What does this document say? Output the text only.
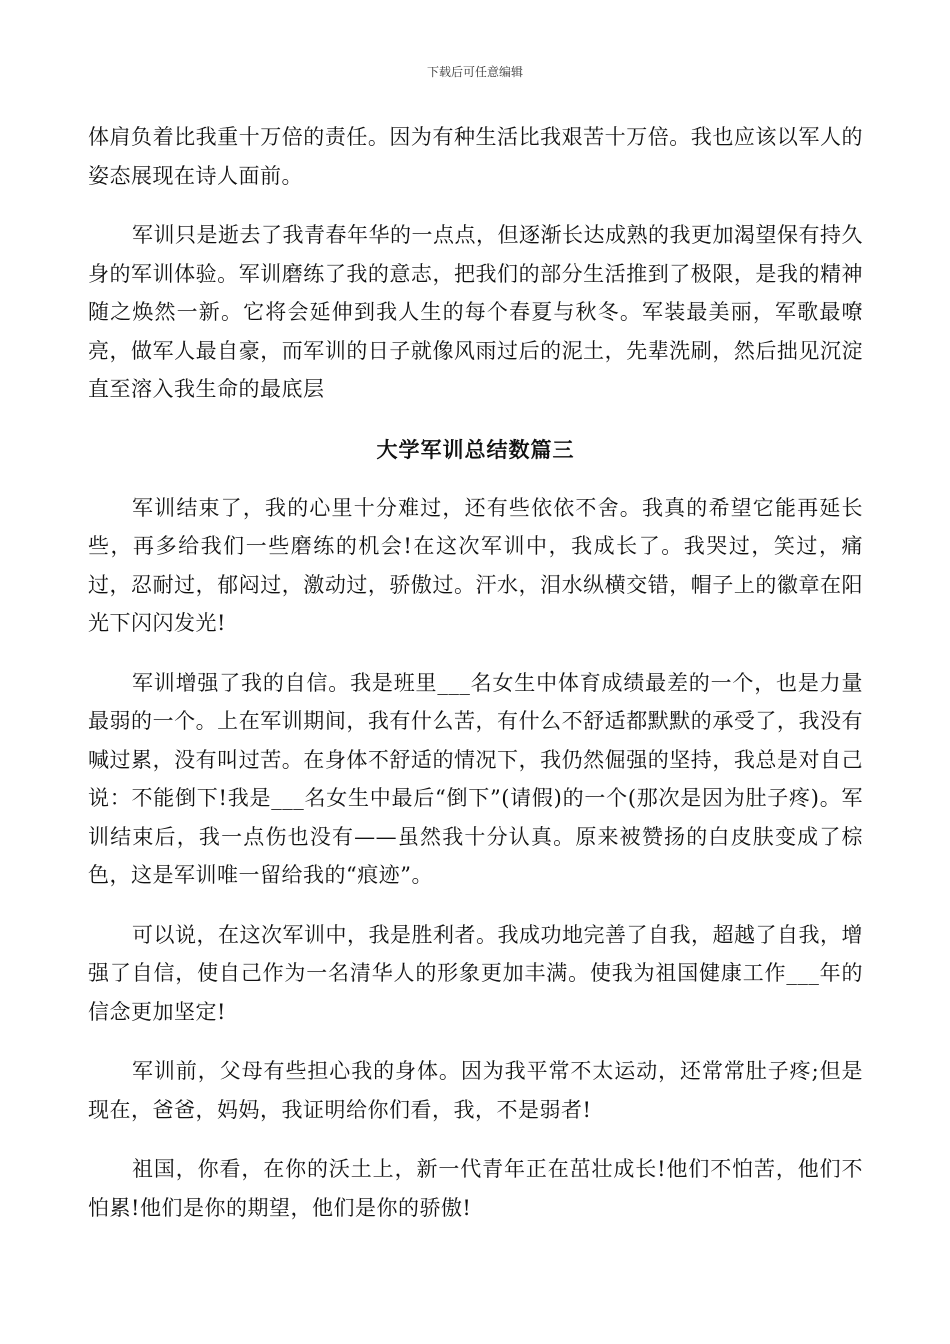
下载后可任意编辑

体肩负着比我重十万倍的责任。因为有种生活比我艰苦十万倍。我也应该以军人的姿态展现在诗人面前。

军训只是逝去了我青春年华的一点点，但逐渐长达成熟的我更加渴望保有持久身的军训体验。军训磨练了我的意志，把我们的部分生活推到了极限，是我的精神随之焕然一新。它将会延伸到我人生的每个春夏与秋冬。军装最美丽，军歌最嘹亮，做军人最自豪，而军训的日子就像风雨过后的泥土，先辈洗刷，然后拙见沉淀直至溶入我生命的最底层

大学军训总结数篇三

军训结束了，我的心里十分难过，还有些依依不舍。我真的希望它能再延长些，再多给我们一些磨练的机会!在这次军训中，我成长了。我哭过，笑过，痛过，忍耐过，郁闷过，激动过，骄傲过。汗水，泪水纵横交错，帽子上的徽章在阳光下闪闪发光!

军训增强了我的自信。我是班里___名女生中体育成绩最差的一个，也是力量最弱的一个。上在军训期间，我有什么苦，有什么不舒适都默默的承受了，我没有喊过累，没有叫过苦。在身体不舒适的情况下，我仍然倔强的坚持，我总是对自己说：不能倒下!我是___名女生中最后“倒下”(请假)的一个(那次是因为肚子疼)。军训结束后，我一点伤也没有——虽然我十分认真。原来被赞扬的白皮肤变成了棕色，这是军训唯一留给我的“痕迹”。

可以说，在这次军训中，我是胜利者。我成功地完善了自我，超越了自我，增强了自信，使自己作为一名清华人的形象更加丰满。使我为祖国健康工作___年的信念更加坚定!

军训前，父母有些担心我的身体。因为我平常不太运动，还常常肚子疼;但是现在，爸爸，妈妈，我证明给你们看，我，不是弱者!

祖国，你看，在你的沃土上，新一代青年正在茁壮成长!他们不怕苦，他们不怕累!他们是你的期望，他们是你的骄傲!
